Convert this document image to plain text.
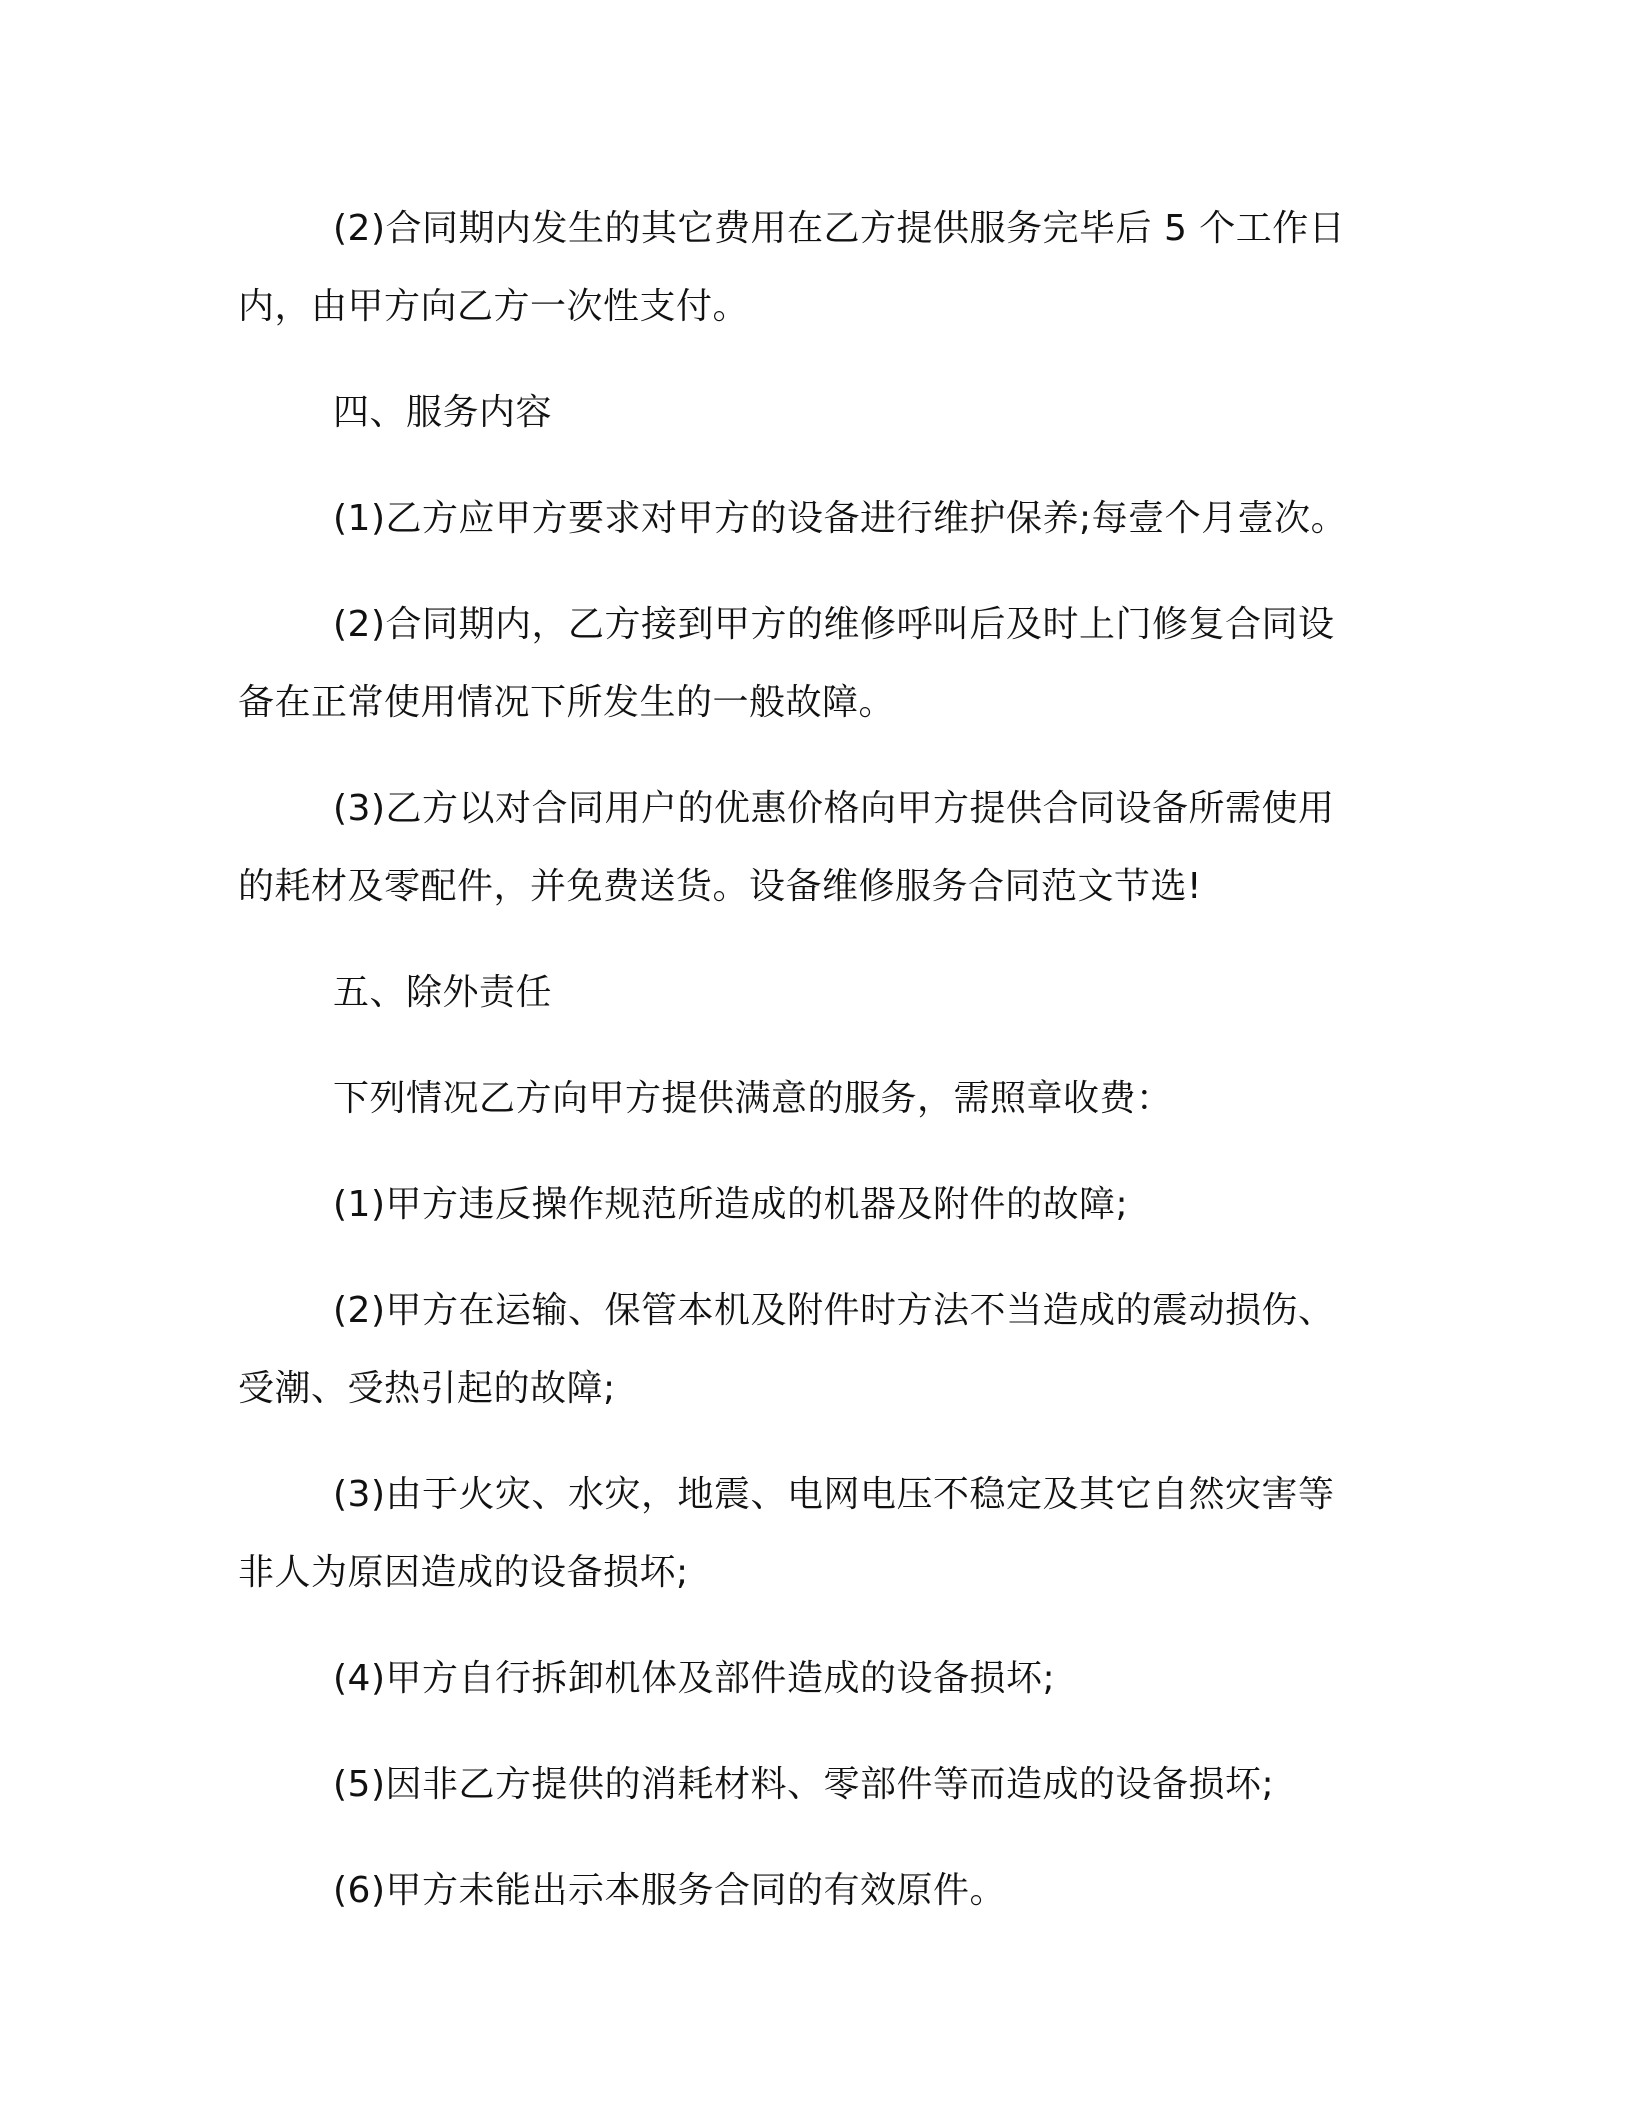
(2)合同期内发生的其它费用在乙方提供服务完毕后 5 个工作日内，由甲方向乙方一次性支付。

四、服务内容

(1)乙方应甲方要求对甲方的设备进行维护保养;每壹个月壹次。

(2)合同期内，乙方接到甲方的维修呼叫后及时上门修复合同设备在正常使用情况下所发生的一般故障。

(3)乙方以对合同用户的优惠价格向甲方提供合同设备所需使用的耗材及零配件，并免费送货。设备维修服务合同范文节选!

五、除外责任

下列情况乙方向甲方提供满意的服务，需照章收费：

(1)甲方违反操作规范所造成的机器及附件的故障;

(2)甲方在运输、保管本机及附件时方法不当造成的震动损伤、受潮、受热引起的故障;

(3)由于火灾、水灾，地震、电网电压不稳定及其它自然灾害等非人为原因造成的设备损坏;

(4)甲方自行拆卸机体及部件造成的设备损坏;

(5)因非乙方提供的消耗材料、零部件等而造成的设备损坏;

(6)甲方未能出示本服务合同的有效原件。
